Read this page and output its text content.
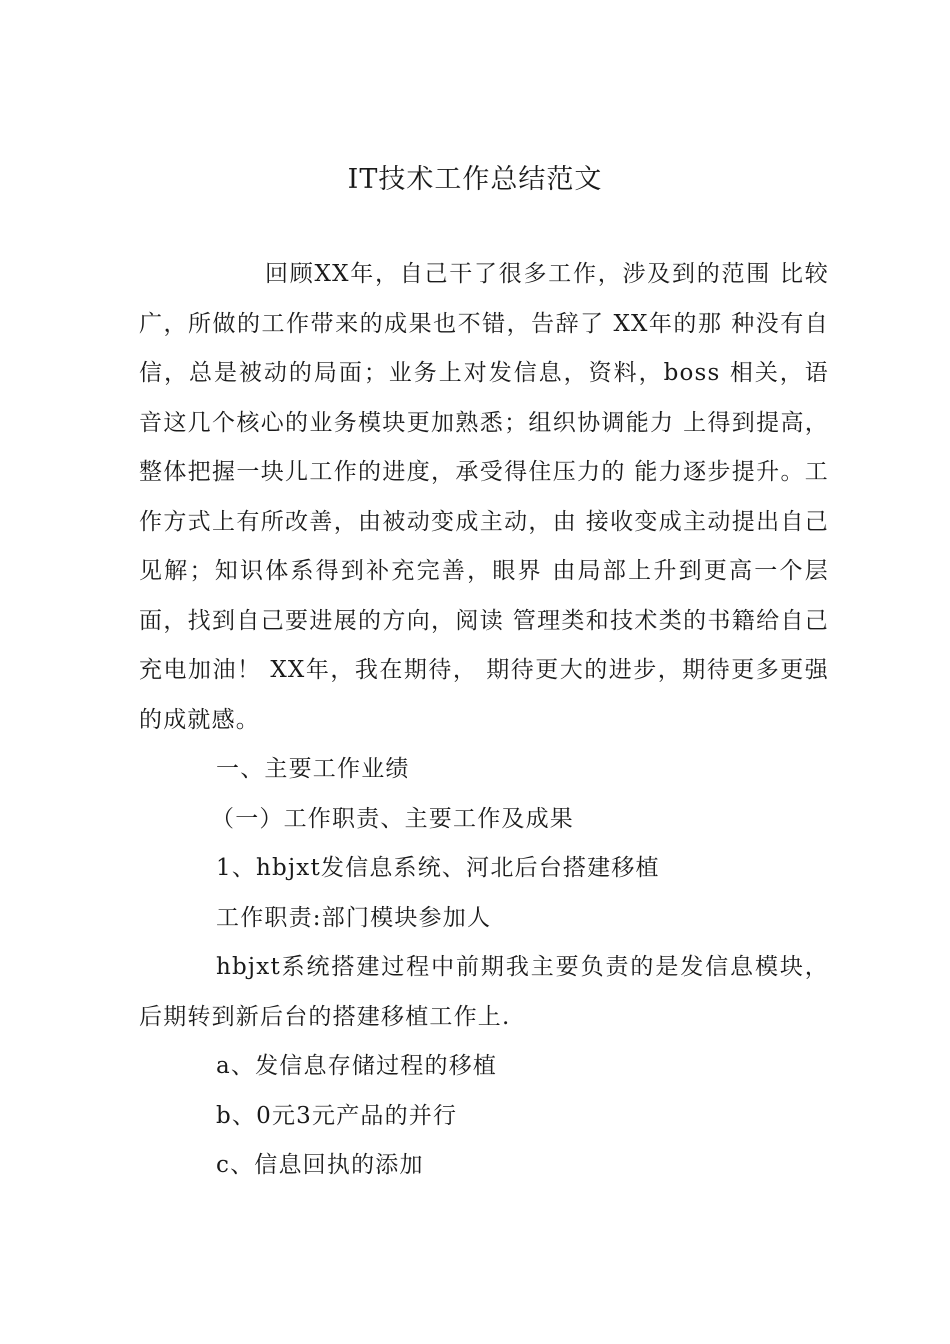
IT技术工作总结范文

回顾XX年，自己干了很多工作，涉及到的范围 比较广，所做的工作带来的成果也不错，告辞了 XX年的那 种没有自信，总是被动的局面；业务上对发信息，资料，boss 相关，语音这几个核心的业务模块更加熟悉；组织协调能力 上得到提高，整体把握一块儿工作的进度，承受得住压力的 能力逐步提升。工作方式上有所改善，由被动变成主动，由 接收变成主动提出自己见解；知识体系得到补充完善，眼界 由局部上升到更高一个层面，找到自己要进展的方向，阅读 管理类和技术类的书籍给自己充电加油！ XX年，我在期待， 期待更大的进步，期待更多更强的成就感。

一、主要工作业绩

（一）工作职责、主要工作及成果

1、hbjxt发信息系统、河北后台搭建移植

工作职责:部门模块参加人

hbjxt系统搭建过程中前期我主要负责的是发信息模块，后期转到新后台的搭建移植工作上.

a、发信息存储过程的移植

b、0元3元产品的并行

c、信息回执的添加
